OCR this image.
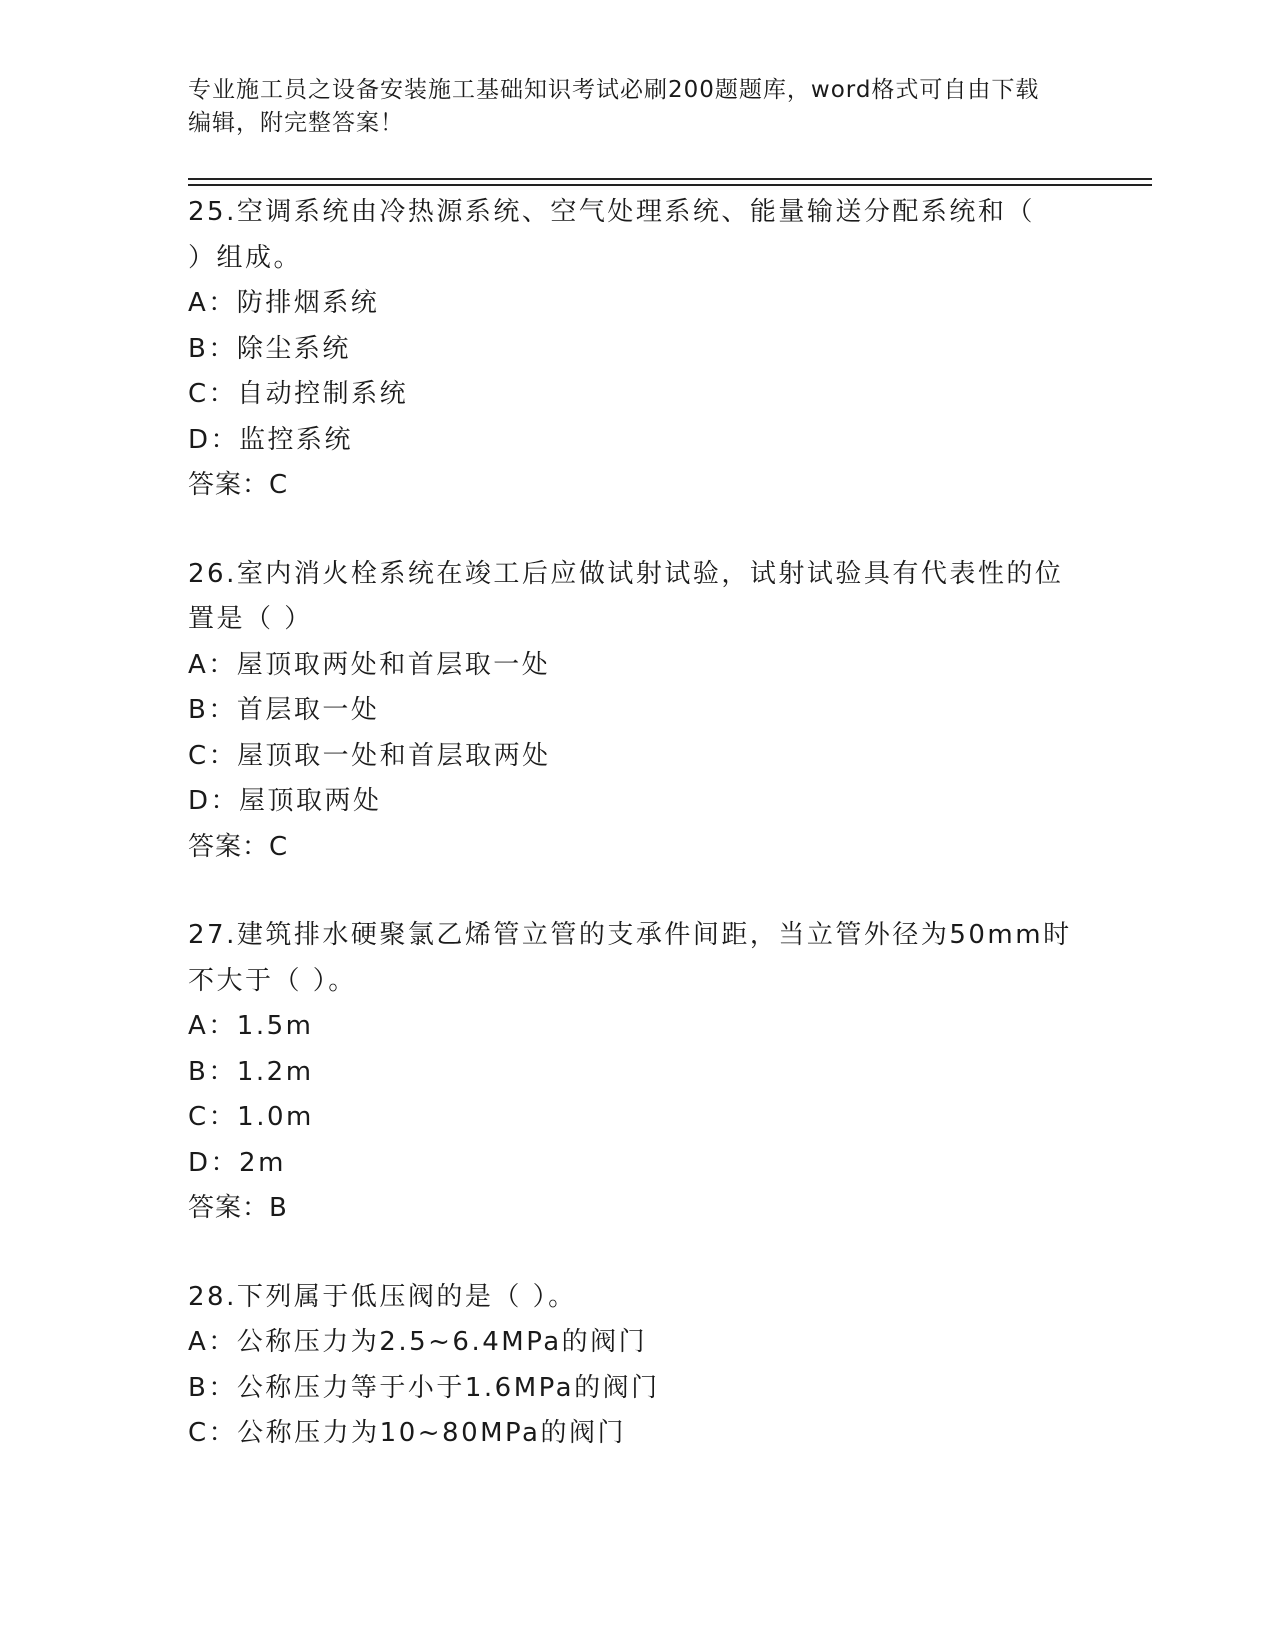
专业施工员之设备安装施工基础知识考试必刷200题题库，word格式可自由下载
编辑，附完整答案！
25.空调系统由冷热源系统、空气处理系统、能量输送分配系统和（
）组成。
A：防排烟系统
B：除尘系统
C：自动控制系统
D：监控系统
答案：C
26.室内消火栓系统在竣工后应做试射试验，试射试验具有代表性的位
置是（ ）
A：屋顶取两处和首层取一处
B：首层取一处
C：屋顶取一处和首层取两处
D：屋顶取两处
答案：C
27.建筑排水硬聚氯乙烯管立管的支承件间距，当立管外径为50mm时
不大于（ ）。
A：1.5m
B：1.2m
C：1.0m
D：2m
答案：B
28.下列属于低压阀的是（ ）。
A：公称压力为2.5~6.4MPa的阀门
B：公称压力等于小于1.6MPa的阀门
C：公称压力为10~80MPa的阀门
